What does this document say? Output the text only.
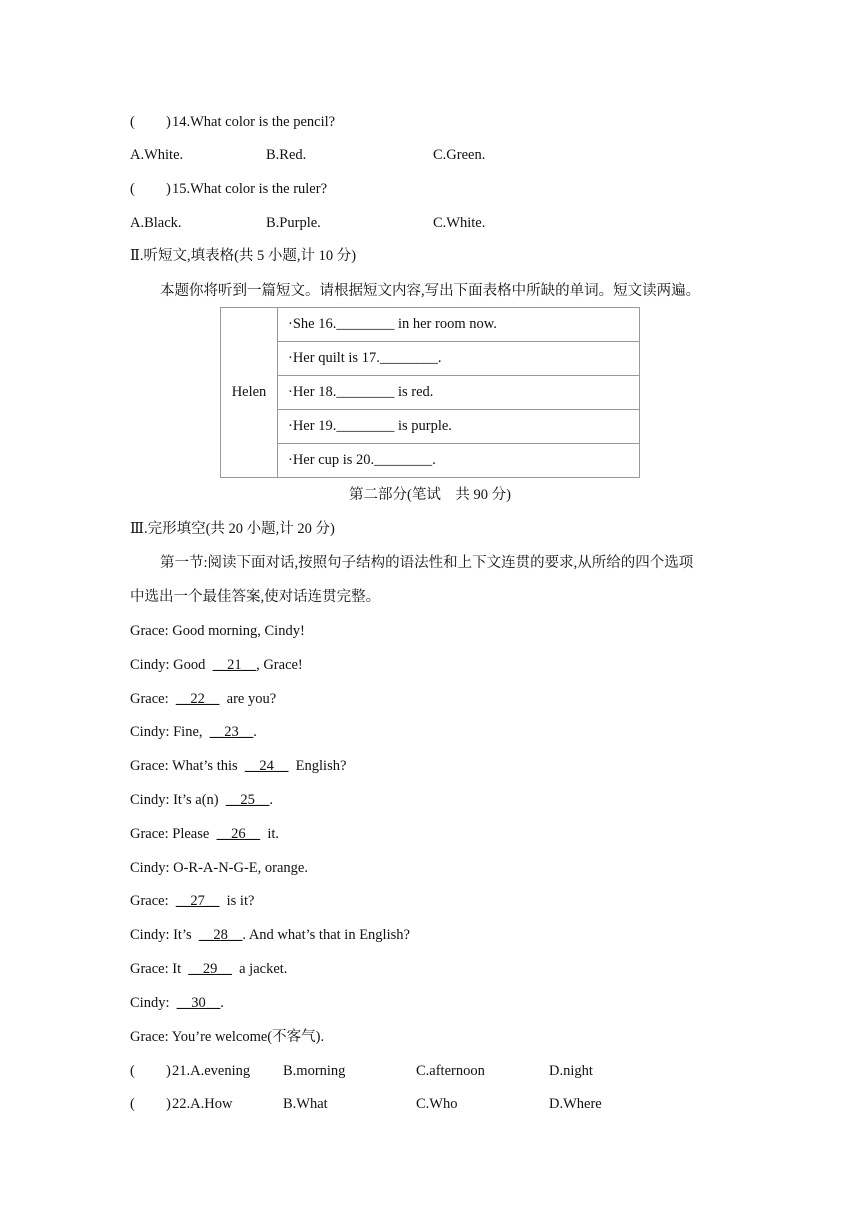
( ) 14.What color is the pencil?
A.White.	B.Red.	C.Green.
( ) 15.What color is the ruler?
A.Black.	B.Purple.	C.White.
Ⅱ.听短文,填表格(共 5 小题,计 10 分)
本题你将听到一篇短文。请根据短文内容,写出下面表格中所缺的单词。短文读两遍。
Helen	·She 16.________ in her room now.
·Her quilt is 17.________.
·Her 18.________ is red.
·Her 19.________ is purple.
·Her cup is 20.________.
第二部分(笔试　共 90 分)
Ⅲ.完形填空(共 20 小题,计 20 分)
第一节:阅读下面对话,按照句子结构的语法性和上下文连贯的要求,从所给的四个选项
中选出一个最佳答案,使对话连贯完整。
Grace: Good morning, Cindy!
Cindy: Good  __21__, Grace!
Grace:  __22__  are you?
Cindy: Fine,  __23__.
Grace: What’s this  __24__  English?
Cindy: It’s a(n)  __25__.
Grace: Please  __26__  it.
Cindy: O-R-A-N-G-E, orange.
Grace:  __27__  is it?
Cindy: It’s  __28__. And what’s that in English?
Grace: It  __29__  a jacket.
Cindy:  __30__.
Grace: You’re welcome(不客气).
( ) 21.A.evening B.morning	C.afternoon	D.night
( ) 22.A.How	B.What	C.Who	D.Where
